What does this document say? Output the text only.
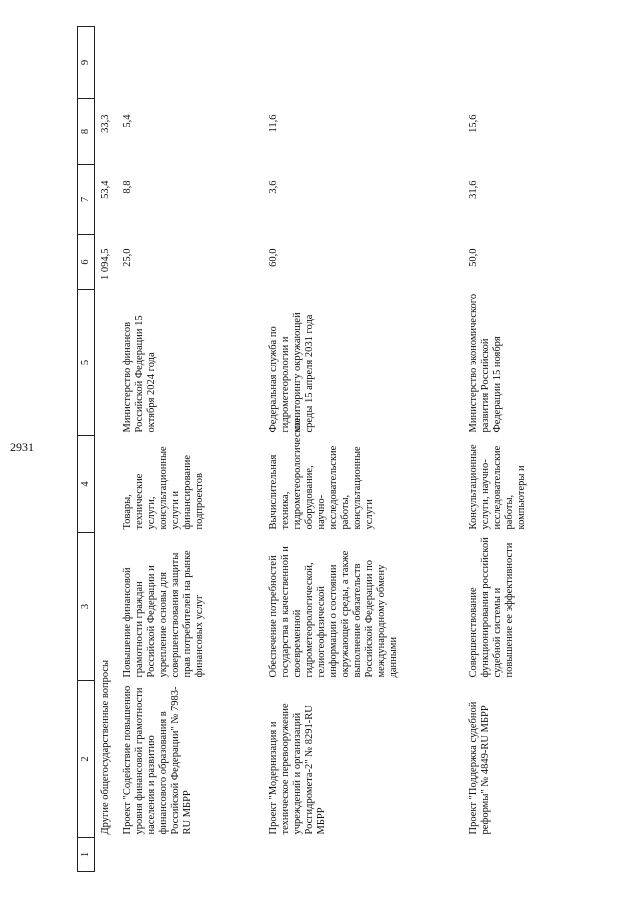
2931
1	2	3	4	5	6	7	8	9
	Другие общегосударственные вопросы				1 094,5	53,4	33,3	
	Проект "Содействие повышению уровня финансовой грамотности населения и развитию финансового образования в Российской Федерации" № 7983-RU МБРР	Повышение финансовой грамотности граждан Российской Федерации и укрепление основы для совершенствования защиты прав потребителей на рынке финансовых услуг	Товары, технические услуги, консультационные услуги и финансирование подпроектов	Министерство финансов Российской Федерации 15 октября 2024 года	25,0	8,8	5,4	
	Проект "Модернизация и техническое перевооружение учреждений и организаций Росгидромета-2" № 8291-RU МБРР	Обеспечение потребностей государства в качественной и своевременной гидрометеорологической, гелиогеофизической информации о состоянии окружающей среды, а также выполнение обязательств Российской Федерации по международному обмену данными	Вычислительная техника, гидрометеорологическое оборудование, научно-исследовательские работы, консультационные услуги	Федеральная служба по гидрометеорологии и мониторингу окружающей среды 15 апреля 2031 года	60,0	3,6	11,6	
	Проект "Поддержка судебной реформы" № 4849-RU МБРР	Совершенствование функционирования российской судебной системы и повышение ее эффективности	Консультационные услуги, научно-исследовательские работы, компьютеры и	Министерство экономического развития Российской Федерации 15 ноября	50,0	31,6	15,6	
